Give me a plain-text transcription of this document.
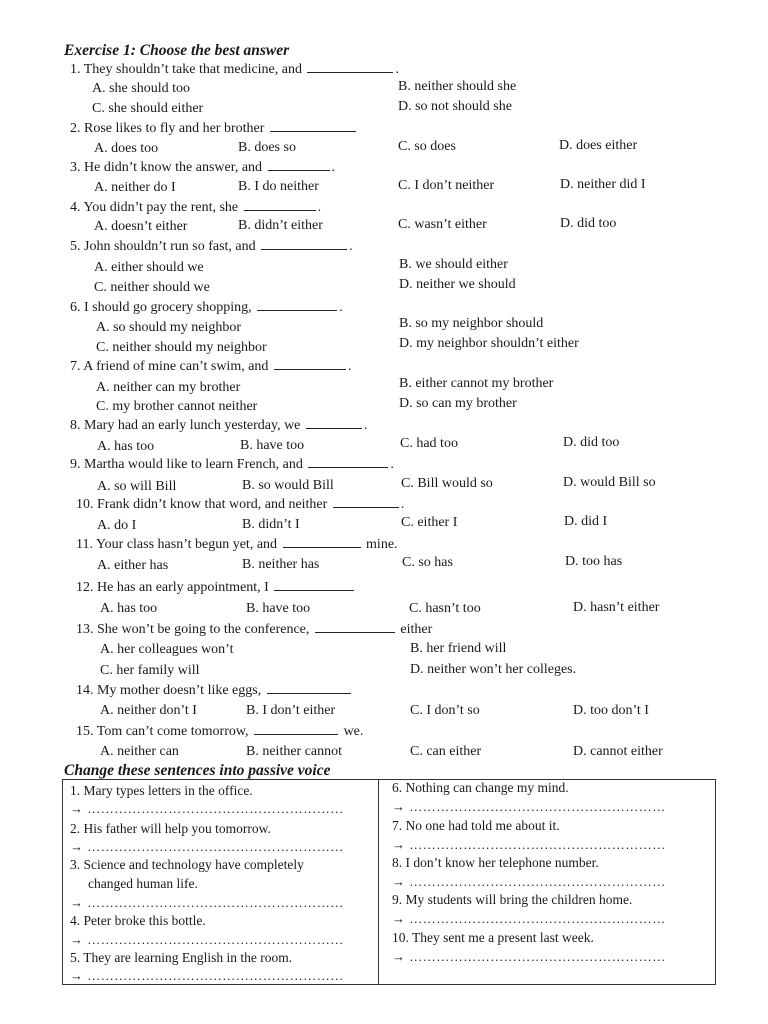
Exercise 1: Choose the best answer
1. They shouldn’t take that medicine, and	.
A. she should too	B. neither should she
C. she should either	D. so not should she
2. Rose likes to fly and her brother
A. does too	B. does so	C. so does	D. does either
3. He didn’t know the answer, and	.
A. neither do I	B. I do neither	C. I don’t neither	D. neither did I
4. You didn’t pay the rent, she	.
A. doesn’t either	B. didn’t either	C. wasn’t either	D. did too
5. John shouldn’t run so fast, and	.
A. either should we	B. we should either
C. neither should we	D. neither we should
6. I should go grocery shopping,	.
A. so should my neighbor	B. so my neighbor should
C. neither should my neighbor	D. my neighbor shouldn’t either
7. A friend of mine can’t swim, and	.
A. neither can my brother	B. either cannot my brother
C. my brother cannot neither	D. so can my brother
8. Mary had an early lunch yesterday, we	.
A. has too	B. have too	C. had too	D. did too
9. Martha would like to learn French, and	.
A. so will Bill	B. so would Bill	C. Bill would so	D. would Bill so
10. Frank didn’t know that word, and neither	.
A. do I	B. didn’t I	C. either I	D. did I
11. Your class hasn’t begun yet, and	mine.
A. either has	B. neither has	C. so has	D. too has
12. He has an early appointment, I
A. has too	B. have too	C. hasn’t too	D. hasn’t either
13. She won’t be going to the conference,	either
A. her colleagues won’t	B. her friend will
C. her family will	D. neither won’t her colleges.
14. My mother doesn’t like eggs,
A. neither don’t I	B. I don’t either	C. I don’t so	D. too don’t I
15. Tom can’t come tomorrow,	we.
A. neither can	B. neither cannot	C. can either	D. cannot either
Change these sentences into passive voice
1. Mary types letters in the office.
→ …………………………………………………
2. His father will help you tomorrow.
→ …………………………………………………
3. Science and technology have completely
changed human life.
→ …………………………………………………
4. Peter broke this bottle.
→ …………………………………………………
5. They are learning English in the room.
→ …………………………………………………
6. Nothing can change my mind.
→ …………………………………………………
7. No one had told me about it.
→ …………………………………………………
8. I don’t know her telephone number.
→ …………………………………………………
9. My students will bring the children home.
→ …………………………………………………
10. They sent me a present last week.
→ …………………………………………………
